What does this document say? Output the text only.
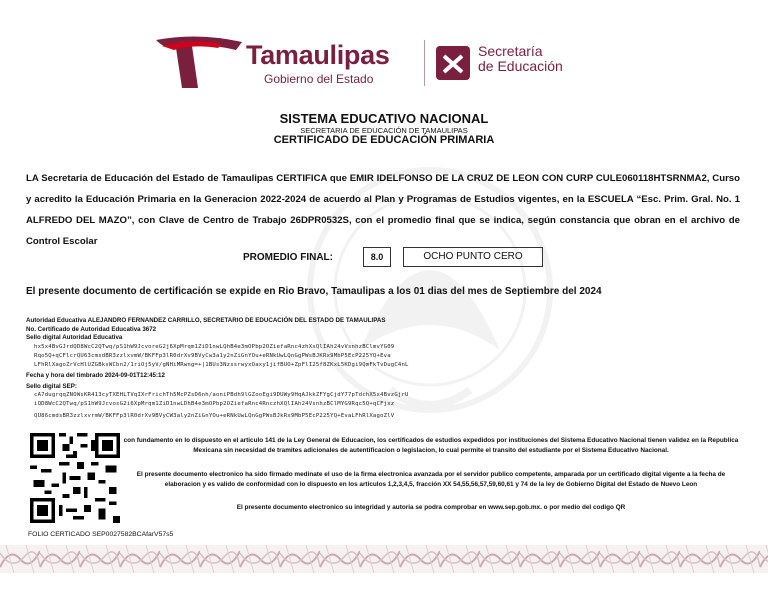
Tamaulipas
Gobierno del Estado
Secretaría
de Educación
SISTEMA EDUCATIVO NACIONAL
SECRETARIA DE EDUCACIÓN DE TAMAULIPAS
CERTIFICADO DE EDUCACIÓN PRIMARIA
LA Secretaria de Educación del Estado de Tamaulipas CERTIFICA que EMIR IDELFONSO DE LA CRUZ DE LEON CON CURP CULE060118HTSRNMA2, Curso y acredito la Educación Primaria en la Generacion 2022-2024 de acuerdo al Plan y Programas de Estudios vigentes, en la ESCUELA “Esc. Prim. Gral. No. 1 ALFREDO DEL MAZO”, con Clave de Centro de Trabajo 26DPR0532S, con el promedio final que se indica, según constancia que obran en el archivo de Control Escolar
PROMEDIO FINAL:	8.0	OCHO PUNTO CERO
El presente documento de certificación se expide en Rio Bravo, Tamaulipas a los 01 dias del mes de Septiembre del 2024
Autoridad Educativa ALEJANDRO FERNANDEZ CARRILLO, SECRETARIO DE EDUCACIÓN DEL ESTADO DE TAMAULIPAS
No. Certificado de Autoridad Educativa 3672
Sello digital Autoridad Educativa
hx5x4BvGJrdQD8WcC2QTwq/pS1hW9JcvoreG2j6XpMrqm1ZiD1nwLQhB4e3mOPbp2OZiefaRnc4zhXxQlIAh24vVsnhzBClmvYG09
Rqo5Q+qCFlcrQU63cmsdBR3zzlxvmW/BKFFp3lR0drXv9BVyCw3a1y2nZiGnYOu+eRNkUwLQnGgPWsBJKRx9MbP5EcP225YQ+Eva
LFhRlXagoZrVcHlUZGBksWCbn2/1riOj5yV/gNHiMRwng=+|1BUs3NzssrwyxOaxy1jifBUO+ZpFlI25f8ZKxL5KDgi9QmFkTvDugC4nL
Fecha y hora del timbrado 2024-09-01T12:45:12
Sello digital SEP:
cA7dugrqqZNOWsKR413cyTXEHLTVqIXrFrichTh5McPZsD6nh/aoniPBdh9lGZooEgi9DUWy9HqAJkkZFYgCjdY77pTdchX5x4BvzGjrU
iQD8WcC2QTwq/pS1hW9JcvosG2i6XpMrqm1ZiD1nwLDhB4e3mOPbp2OZiefaRnc4RnczhXQlIAh24VsnhzBClMYG9Rqc5Q+qCFjxz
QU86cmdsBR3zzlxvrmW/BKFFp3lR0drXv9BVyCW3aly2nZiGnYOu+eRNkUwLQnGgPWsBJkRx9MbP5EcP225YQ+EvaLFhRlXagoZlV
con fundamento en lo dispuesto en el articulo 141 de la Ley General de Educacion, los certificados de estudios expedidos por instituciones del Sistema Educativo Nacional tienen validez en la Republica Mexicana sin necesidad de tramites adicionales de autentificacion o legislacion, lo cual permite el transito del estudiante por el Sistema Educativo Nacional.
El presente documento electronico ha sido firmado medinate el uso de la firma electronica avanzada por el servidor publico competente, amparada por un certificado digital vigente a la fecha de elaboracion y es valido de conformidad con lo dispuesto en los articulos 1,2,3,4,5, fracción XX 54,55,56,57,59,60,61 y 74 de la ley de Gobierno Digital del Estado de Nuevo Leon
El presente documento electronico su integridad y autoria se podra comprobar en www.sep.gob.mx. o por medio del codigo QR
FOLIO CERTICADO SEP0027582BCAfarV57s5
